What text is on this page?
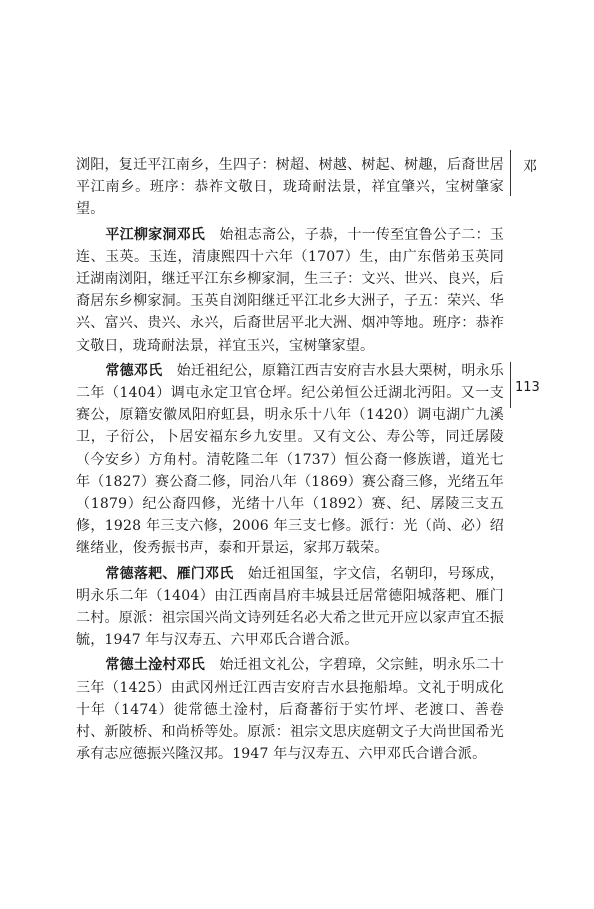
浏阳，复迁平江南乡，生四子：树超、树越、树起、树趣，后裔世居平江南乡。班序：恭祚文敬日，珑琦耐法景，祥宜肇兴，宝树肇家望。

平江柳家洞邓氏　 始祖志斋公，子恭，十一传至宜鲁公子二：玉连、玉英。玉连，清康熙四十六年（1707）生，由广东偕弟玉英同迁湖南浏阳，继迁平江东乡柳家洞，生三子：文兴、世兴、良兴，后裔居东乡柳家洞。玉英自浏阳继迁平江北乡大洲子，子五：荣兴、华兴、富兴、贵兴、永兴，后裔世居平北大洲、烟冲等地。班序：恭祚文敬日，珑琦耐法景，祥宜玉兴，宝树肇家望。

常德邓氏　 始迁祖纪公，原籍江西吉安府吉水县大栗树，明永乐二年（1404）调屯永定卫官仓坪。纪公弟恒公迁湖北沔阳。又一支赛公，原籍安徽凤阳府虹县，明永乐十八年（1420）调屯湖广九溪卫，子衍公，卜居安福东乡九安里。又有文公、寿公等，同迁孱陵（今安乡）方角村。清乾隆二年（1737）恒公裔一修族谱，道光七年（1827）赛公裔二修，同治八年（1869）赛公裔三修，光绪五年（1879）纪公裔四修，光绪十八年（1892）赛、纪、孱陵三支五修，1928 年三支六修，2006 年三支七修。派行：光（尚、必）绍继绪业，俊秀振书声，泰和开景运，家邦万载荣。

常德落耙、雁门邓氏　 始迁祖国玺，字文信，名朝印，号琢成，明永乐二年（1404）由江西南昌府丰城县迁居常德阳城落耙、雁门二村。原派：祖宗国兴尚文诗列廷名必大希之世元开应以家声宜丕振毓，1947 年与汉寿五、六甲邓氏合谱合派。

常德土淦村邓氏　 始迁祖文礼公，字碧璋，父宗鲑，明永乐二十三年（1425）由武冈州迁江西吉安府吉水县拖船埠。文礼于明成化十年（1474）徙常德土淦村，后裔蕃衍于实竹坪、老渡口、善卷村、新陂桥、和尚桥等处。原派：祖宗文思庆庭朝文子大尚世国希光承有志应德振兴隆汉邦。1947 年与汉寿五、六甲邓氏合谱合派。

邓
113
